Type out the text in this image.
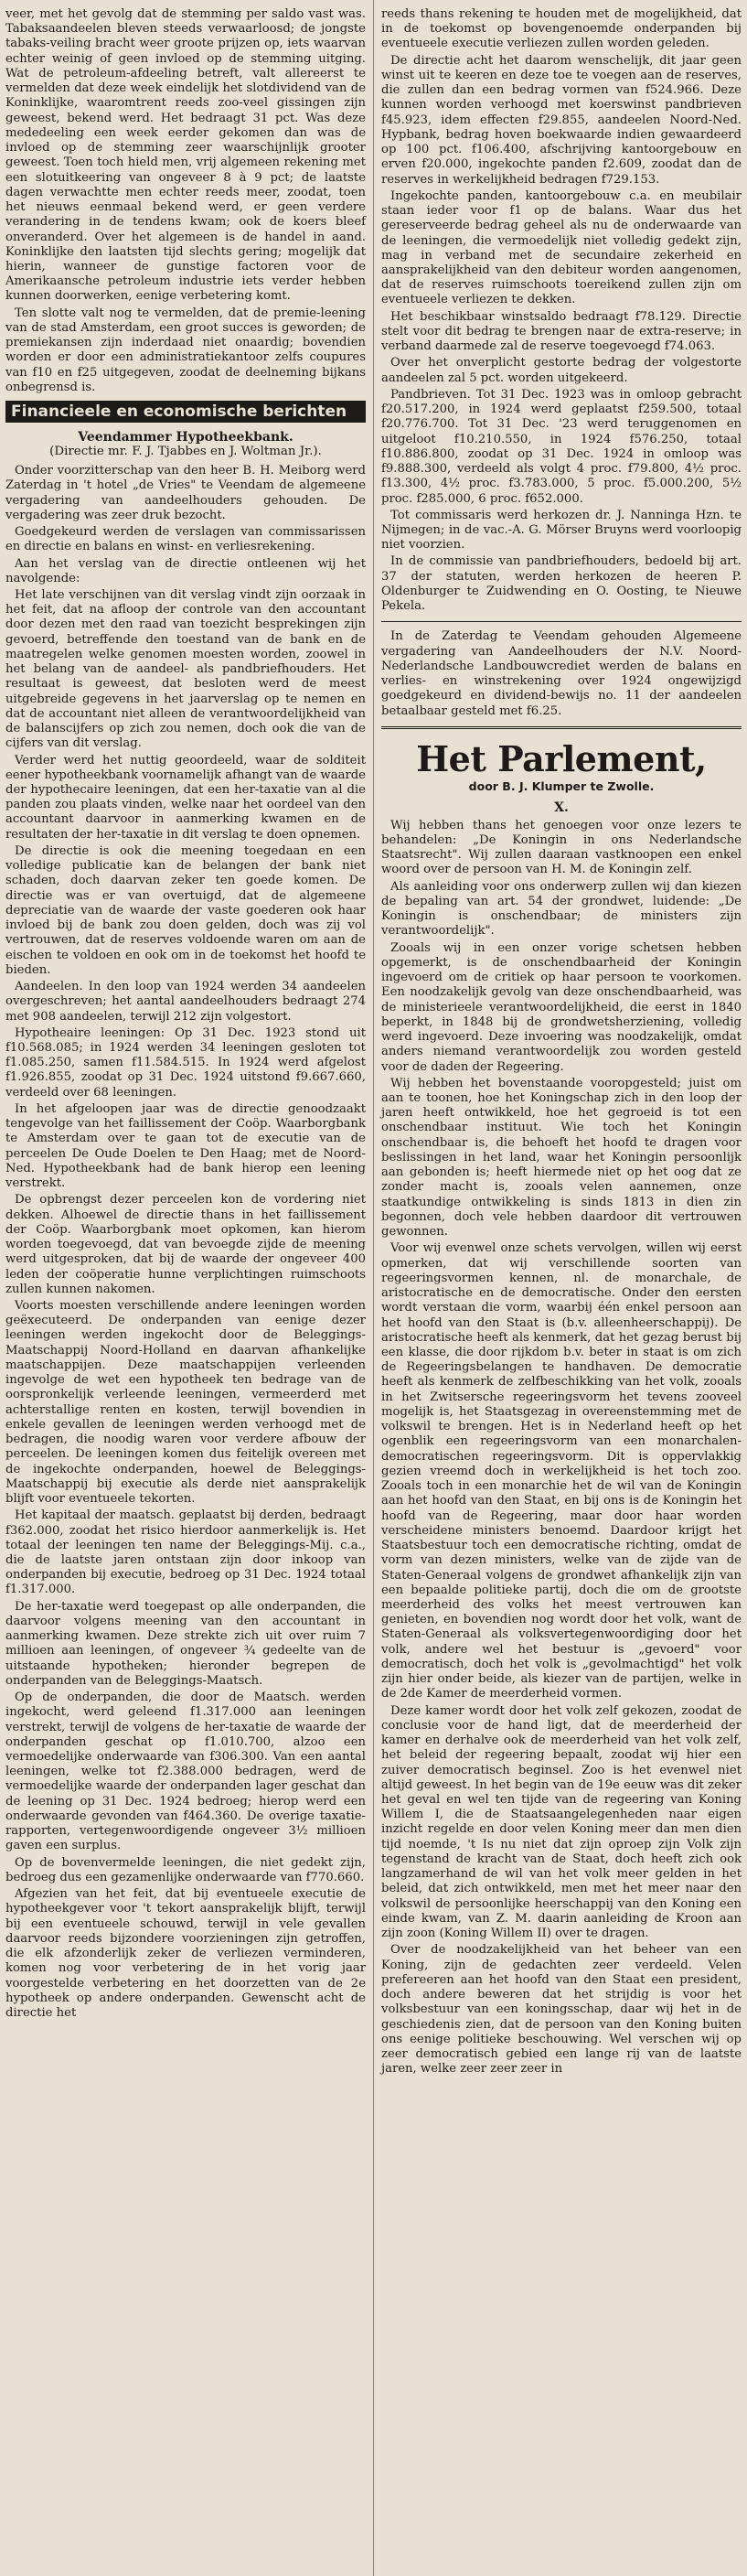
veer, met het gevolg dat de stemming per saldo vast was. Tabaksaandeelen bleven steeds verwaarloosd; de jongste tabaks-veiling bracht weer groote prijzen op, iets waarvan echter weinig of geen invloed op de stemming uitging. Wat de petroleum-afdeeling betreft, valt allereerst te vermelden dat deze week eindelijk het slotdividend van de Koninklijke, waaromtrent reeds zoo-veel gissingen zijn geweest, bekend werd. Het bedraagt 31 pct. Was deze mededeeling een week eerder gekomen dan was de invloed op de stemming zeer waarschijnlijk grooter geweest. Toen toch hield men, vrij algemeen rekening met een slotuitkeering van ongeveer 8 à 9 pct; de laatste dagen verwachtte men echter reeds meer, zoodat, toen het nieuws eenmaal bekend werd, er geen verdere verandering in de tendens kwam; ook de koers bleef onveranderd. Over het algemeen is de handel in aand. Koninklijke den laatsten tijd slechts gering; mogelijk dat hierin, wanneer de gunstige factoren voor de Amerikaansche petroleum industrie iets verder hebben kunnen doorwerken, eenige verbetering komt.

Ten slotte valt nog te vermelden, dat de premie-leening van de stad Amsterdam, een groot succes is geworden; de premiekansen zijn inderdaad niet onaardig; bovendien worden er door een administratiekantoor zelfs coupures van f10 en f25 uitgegeven, zoodat de deelneming bijkans onbegrensd is.

Financieele en economische berichten
Veendammer Hypotheekbank.
(Directie mr. F. J. Tjabbes en J. Woltman Jr.).

Onder voorzitterschap van den heer B. H. Meiborg werd Zaterdag in 't hotel „de Vries" te Veendam de algemeene vergadering van aandeelhouders gehouden. De vergadering was zeer druk bezocht.

Goedgekeurd werden de verslagen van commissarissen en directie en balans en winst- en verliesrekening.

Aan het verslag van de directie ontleenen wij het navolgende:

Het late verschijnen van dit verslag vindt zijn oorzaak in het feit, dat na afloop der controle van den accountant door dezen met den raad van toezicht besprekingen zijn gevoerd, betreffende den toestand van de bank en de maatregelen welke genomen moesten worden, zoowel in het belang van de aandeel- als pandbriefhouders. Het resultaat is geweest, dat besloten werd de meest uitgebreide gegevens in het jaarverslag op te nemen en dat de accountant niet alleen de verantwoordelijkheid van de balanscijfers op zich zou nemen, doch ook die van de cijfers van dit verslag.

Verder werd het nuttig geoordeeld, waar de solditeit eener hypotheekbank voornamelijk afhangt van de waarde der hypothecaire leeningen, dat een her-taxatie van al die panden zou plaats vinden, welke naar het oordeel van den accountant daarvoor in aanmerking kwamen en de resultaten der her-taxatie in dit verslag te doen opnemen.

De directie is ook die meening toegedaan en een volledige publicatie kan de belangen der bank niet schaden, doch daarvan zeker ten goede komen. De directie was er van overtuigd, dat de algemeene depreciatie van de waarde der vaste goederen ook haar invloed bij de bank zou doen gelden, doch was zij vol vertrouwen, dat de reserves voldoende waren om aan de eischen te voldoen en ook om in de toekomst het hoofd te bieden.

Aandeelen. In den loop van 1924 werden 34 aandeelen overgeschreven; het aantal aandeelhouders bedraagt 274 met 908 aandeelen, terwijl 212 zijn volgestort.

Hypotheaire leeningen: Op 31 Dec. 1923 stond uit f10.568.085; in 1924 werden 34 leeningen gesloten tot f1.085.250, samen f11.584.515. In 1924 werd afgelost f1.926.855, zoodat op 31 Dec. 1924 uitstond f9.667.660, verdeeld over 68 leeningen.

In het afgeloopen jaar was de directie genoodzaakt tengevolge van het faillissement der Coöp. Waarborgbank te Amsterdam over te gaan tot de executie van de perceelen De Oude Doelen te Den Haag; met de Noord-Ned. Hypotheekbank had de bank hierop een leening verstrekt.

De opbrengst dezer perceelen kon de vordering niet dekken. Alhoewel de directie thans in het faillissement der Coöp. Waarborgbank moet opkomen, kan hierom worden toegevoegd, dat van bevoegde zijde de meening werd uitgesproken, dat bij de waarde der ongeveer 400 leden der coöperatie hunne verplichtingen ruimschoots zullen kunnen nakomen.

Voorts moesten verschillende andere leeningen worden geëxecuteerd. De onderpanden van eenige dezer leeningen werden ingekocht door de Beleggings-Maatschappij Noord-Holland en daarvan afhankelijke maatschappijen. Deze maatschappijen verleenden ingevolge de wet een hypotheek ten bedrage van de oorspronkelijk verleende leeningen, vermeerderd met achterstallige renten en kosten, terwijl bovendien in enkele gevallen de leeningen werden verhoogd met de bedragen, die noodig waren voor verdere afbouw der perceelen. De leeningen komen dus feitelijk overeen met de ingekochte onderpanden, hoewel de Beleggings-Maatschappij bij executie als derde niet aansprakelijk blijft voor eventueele tekorten.

Het kapitaal der maatsch. geplaatst bij derden, bedraagt f362.000, zoodat het risico hierdoor aanmerkelijk is. Het totaal der leeningen ten name der Beleggings-Mij. c.a., die de laatste jaren ontstaan zijn door inkoop van onderpanden bij executie, bedroeg op 31 Dec. 1924 totaal f1.317.000.

De her-taxatie werd toegepast op alle onderpanden, die daarvoor volgens meening van den accountant in aanmerking kwamen. Deze strekte zich uit over ruim 7 millioen aan leeningen, of ongeveer ¾ gedeelte van de uitstaande hypotheken; hieronder begrepen de onderpanden van de Beleggings-Maatsch.

Op de onderpanden, die door de Maatsch. werden ingekocht, werd geleend f1.317.000 aan leeningen verstrekt, terwijl de volgens de her-taxatie de waarde der onderpanden geschat op f1.010.700, alzoo een vermoedelijke onderwaarde van f306.300. Van een aantal leeningen, welke tot f2.388.000 bedragen, werd de vermoedelijke waarde der onderpanden lager geschat dan de leening op 31 Dec. 1924 bedroeg; hierop werd een onderwaarde gevonden van f464.360. De overige taxatie-rapporten, vertegenwoordigende ongeveer 3½ millioen gaven een surplus.

Op de bovenvermelde leeningen, die niet gedekt zijn, bedroeg dus een gezamenlijke onderwaarde van f770.660.

Afgezien van het feit, dat bij eventueele executie de hypotheekgever voor 't tekort aansprakelijk blijft, terwijl bij een eventueele schouwd, terwijl in vele gevallen daarvoor reeds bijzondere voorzieningen zijn getroffen, die elk afzonderlijk zeker de verliezen verminderen, komen nog voor verbetering de in het vorig jaar voorgestelde verbetering en het doorzetten van de 2e hypotheek op andere onderpanden. Gewenscht acht de directie het

reeds thans rekening te houden met de mogelijkheid, dat in de toekomst op bovengenoemde onderpanden bij eventueele executie verliezen zullen worden geleden.

De directie acht het daarom wenschelijk, dit jaar geen winst uit te keeren en deze toe te voegen aan de reserves, die zullen dan een bedrag vormen van f524.966. Deze kunnen worden verhoogd met koerswinst pandbrieven f45.923, idem effecten f29.855, aandeelen Noord-Ned. Hypbank, bedrag hoven boekwaarde indien gewaardeerd op 100 pct. f106.400, afschrijving kantoorgebouw en erven f20.000, ingekochte panden f2.609, zoodat dan de reserves in werkelijkheid bedragen f729.153.

Ingekochte panden, kantoorgebouw c.a. en meubilair staan ieder voor f1 op de balans. Waar dus het gereserveerde bedrag geheel als nu de onderwaarde van de leeningen, die vermoedelijk niet volledig gedekt zijn, mag in verband met de secundaire zekerheid en aansprakelijkheid van den debiteur worden aangenomen, dat de reserves ruimschoots toereikend zullen zijn om eventueele verliezen te dekken.

Het beschikbaar winstsaldo bedraagt f78.129. Directie stelt voor dit bedrag te brengen naar de extra-reserve; in verband daarmede zal de reserve toegevoegd f74.063.

Over het onverplicht gestorte bedrag der volgestorte aandeelen zal 5 pct. worden uitgekeerd.

Pandbrieven. Tot 31 Dec. 1923 was in omloop gebracht f20.517.200, in 1924 werd geplaatst f259.500, totaal f20.776.700. Tot 31 Dec. '23 werd teruggenomen en uitgeloot f10.210.550, in 1924 f576.250, totaal f10.886.800, zoodat op 31 Dec. 1924 in omloop was f9.888.300, verdeeld als volgt 4 proc. f79.800, 4½ proc. f13.300, 4½ proc. f3.783.000, 5 proc. f5.000.200, 5½ proc. f285.000, 6 proc. f652.000.

Tot commissaris werd herkozen dr. J. Nanninga Hzn. te Nijmegen; in de vac.-A. G. Mörser Bruyns werd voorloopig niet voorzien.

In de commissie van pandbriefhouders, bedoeld bij art. 37 der statuten, werden herkozen de heeren P. Oldenburger te Zuidwending en O. Oosting, te Nieuwe Pekela.

In de Zaterdag te Veendam gehouden Algemeene vergadering van Aandeelhouders der N.V. Noord-Nederlandsche Landbouwcrediet werden de balans en verlies- en winstrekening over 1924 ongewijzigd goedgekeurd en dividend-bewijs no. 11 der aandeelen betaalbaar gesteld met f6.25.

Het Parlement,
door B. J. Klumper te Zwolle.
X.

Wij hebben thans het genoegen voor onze lezers te behandelen: „De Koningin in ons Nederlandsche Staatsrecht". Wij zullen daaraan vastknoopen een enkel woord over de persoon van H. M. de Koningin zelf.

Als aanleiding voor ons onderwerp zullen wij dan kiezen de bepaling van art. 54 der grondwet, luidende: „De Koningin is onschendbaar; de ministers zijn verantwoordelijk".

Zooals wij in een onzer vorige schetsen hebben opgemerkt, is de onschendbaarheid der Koningin ingevoerd om de critiek op haar persoon te voorkomen. Een noodzakelijk gevolg van deze onschendbaarheid, was de ministerieele verantwoordelijkheid, die eerst in 1840 beperkt, in 1848 bij de grondwetsherziening, volledig werd ingevoerd. Deze invoering was noodzakelijk, omdat anders niemand verantwoordelijk zou worden gesteld voor de daden der Regeering.

Wij hebben het bovenstaande vooropgesteld; juist om aan te toonen, hoe het Koningschap zich in den loop der jaren heeft ontwikkeld, hoe het gegroeid is tot een onschendbaar instituut. Wie toch het Koningin onschendbaar is, die behoeft het hoofd te dragen voor beslissingen in het land, waar het Koningin persoonlijk aan gebonden is; heeft hiermede niet op het oog dat ze zonder macht is, zooals velen aannemen, onze staatkundige ontwikkeling is sinds 1813 in dien zin begonnen, doch vele hebben daardoor dit vertrouwen gewonnen.

Voor wij evenwel onze schets vervolgen, willen wij eerst opmerken, dat wij verschillende soorten van regeeringsvormen kennen, nl. de monarchale, de aristocratische en de democratische. Onder den eersten wordt verstaan die vorm, waarbij één enkel persoon aan het hoofd van den Staat is (b.v. alleenheerschappij). De aristocratische heeft als kenmerk, dat het gezag berust bij een klasse, die door rijkdom b.v. beter in staat is om zich de Regeeringsbelangen te handhaven. De democratie heeft als kenmerk de zelfbeschikking van het volk, zooals in het Zwitsersche regeeringsvorm het tevens zooveel mogelijk is, het Staatsgezag in overeenstemming met de volkswil te brengen. Het is in Nederland heeft op het ogenblik een regeeringsvorm van een monarchalen-democratischen regeeringsvorm. Dit is oppervlakkig gezien vreemd doch in werkelijkheid is het toch zoo. Zooals toch in een monarchie het de wil van de Koningin aan het hoofd van den Staat, en bij ons is de Koningin het hoofd van de Regeering, maar door haar worden verscheidene ministers benoemd. Daardoor krijgt het Staatsbestuur toch een democratische richting, omdat de vorm van dezen ministers, welke van de zijde van de Staten-Generaal volgens de grondwet afhankelijk zijn van een bepaalde politieke partij, doch die om de grootste meerderheid des volks het meest vertrouwen kan genieten, en bovendien nog wordt door het volk, want de Staten-Generaal als volksvertegenwoordiging door het volk, andere wel het bestuur is „gevoerd" voor democratisch, doch het volk is „gevolmachtigd" het volk zijn hier onder beide, als kiezer van de partijen, welke in de 2de Kamer de meerderheid vormen.

Deze kamer wordt door het volk zelf gekozen, zoodat de conclusie voor de hand ligt, dat de meerderheid der kamer en derhalve ook de meerderheid van het volk zelf, het beleid der regeering bepaalt, zoodat wij hier een zuiver democratisch beginsel. Zoo is het evenwel niet altijd geweest. In het begin van de 19e eeuw was dit zeker het geval en wel ten tijde van de regeering van Koning Willem I, die de Staatsaangelegenheden naar eigen inzicht regelde en door velen Koning meer dan men dien tijd noemde, 't Is nu niet dat zijn oproep zijn Volk zijn tegenstand de kracht van de Staat, doch heeft zich ook langzamerhand de wil van het volk meer gelden in het beleid, dat zich ontwikkeld, men met het meer naar den volkswil de persoonlijke heerschappij van den Koning een einde kwam, van Z. M. daarin aanleiding de Kroon aan zijn zoon (Koning Willem II) over te dragen.

Over de noodzakelijkheid van het beheer van een Koning, zijn de gedachten zeer verdeeld. Velen prefereeren aan het hoofd van den Staat een president, doch andere beweren dat het strijdig is voor het volksbestuur van een koningsschap, daar wij het in de geschiedenis zien, dat de persoon van den Koning buiten ons eenige politieke beschouwing. Wel verschen wij op zeer democratisch gebied een lange rij van de laatste jaren, welke zeer zeer zeer in
